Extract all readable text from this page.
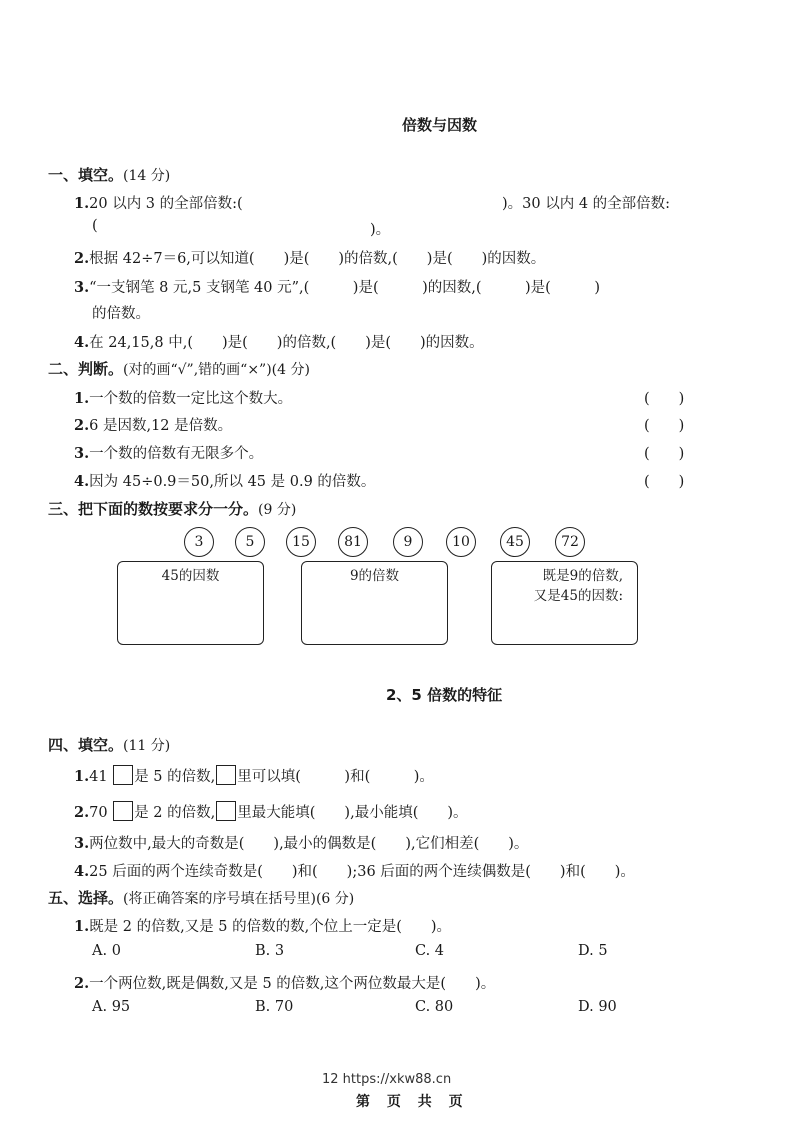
倍数与因数
一、填空。(14 分)
1.20 以内 3 的全部倍数:(	)。30 以内 4 的全部倍数:
(	)。
2.根据 42÷7＝6,可以知道(　　)是(　　)的倍数,(　　)是(　　)的因数。
3.“一支钢笔 8 元,5 支钢笔 40 元”,(　　　)是(　　　)的因数,(　　　)是(　　　)
的倍数。
4.在 24,15,8 中,(　　)是(　　)的倍数,(　　)是(　　)的因数。
二、判断。(对的画“√”,错的画“×”)(4 分)
1.一个数的倍数一定比这个数大。	(　　)
2.6 是因数,12 是倍数。	(　　)
3.一个数的倍数有无限多个。	(　　)
4.因为 45÷0.9＝50,所以 45 是 0.9 的倍数。	(　　)
三、把下面的数按要求分一分。(9 分)
3	5	15	81	9	10	45	72
45的因数	9的倍数	既是9的倍数,
又是45的因数:
2、5 倍数的特征
四、填空。(11 分)
1.41 是 5 的倍数, 里可以填(　　　)和(　　　)。
2.70 是 2 的倍数, 里最大能填(　　),最小能填(　　)。
3.两位数中,最大的奇数是(　　),最小的偶数是(　　),它们相差(　　)。
4.25 后面的两个连续奇数是(　　)和(　　);36 后面的两个连续偶数是(　　)和(　　)。
五、选择。(将正确答案的序号填在括号里)(6 分)
1.既是 2 的倍数,又是 5 的倍数的数,个位上一定是(　　)。
A. 0	B. 3	C. 4	D. 5
2.一个两位数,既是偶数,又是 5 的倍数,这个两位数最大是(　　)。
A. 95	B. 70	C. 80	D. 90
12 https://xkw88.cn
第 页 共 页
